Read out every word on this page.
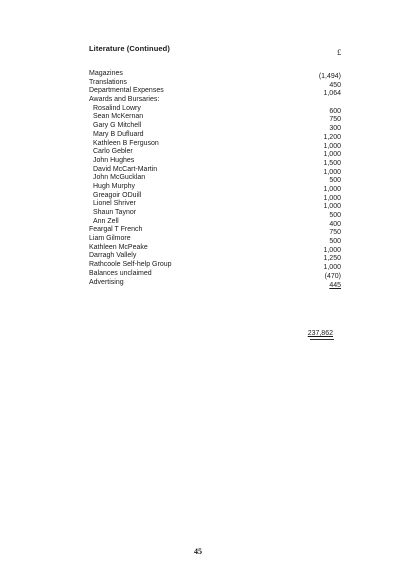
Literature (Continued)	£
Magazines	(1,494)
Translations	450
Departmental Expenses	1,064
Awards and Bursaries:
Rosalind Lowry	600
Sean McKernan	750
Gary G Mitchell	300
Mary B Dufluard	1,200
Kathleen B Ferguson	1,000
Carlo Gebler	1,000
John Hughes	1,500
David McCart-Martin	1,000
John McGucklan	500
Hugh Murphy	1,000
Greagoir ODuill	1,000
Lionel Shriver	1,000
Shaun Taynor	500
Ann Zell	400
Feargal T French	750
Liam Gilmore	500
Kathleen McPeake	1,000
Darragh Vallely	1,250
Rathcoole Self-help Group	1,000
Balances unclaimed	(470)
Advertising	445
237,862
45
